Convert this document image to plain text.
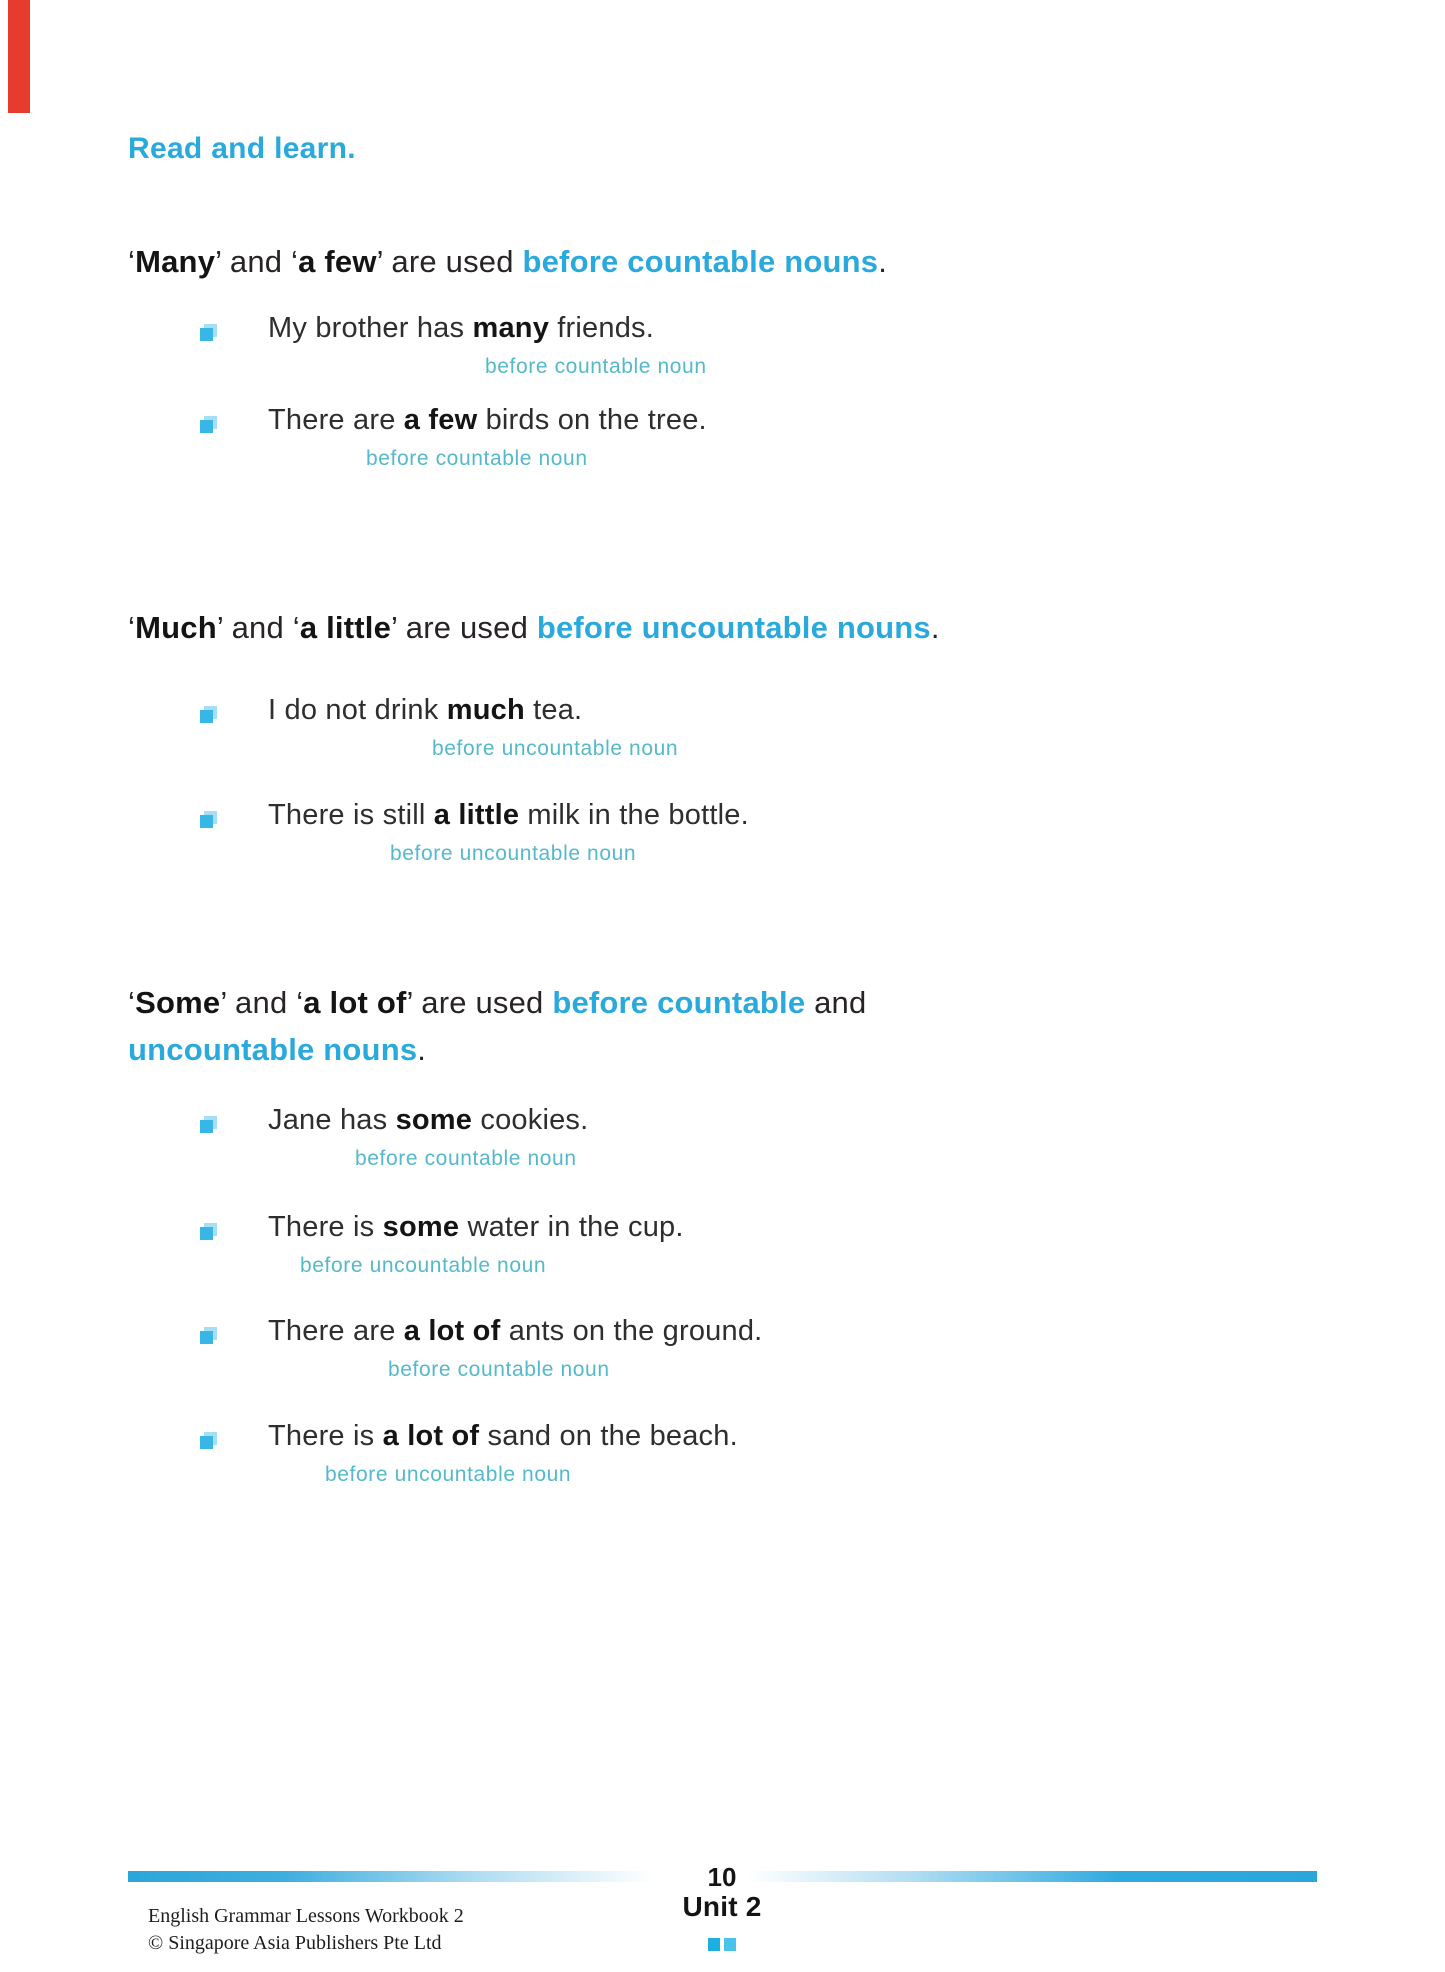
Read and learn.
‘Many’ and ‘a few’ are used before countable nouns.
My brother has many friends.
before countable noun
There are a few birds on the tree.
before countable noun
‘Much’ and ‘a little’ are used before uncountable nouns.
I do not drink much tea.
before uncountable noun
There is still a little milk in the bottle.
before uncountable noun
‘Some’ and ‘a lot of’ are used before countable and
uncountable nouns.
Jane has some cookies.
before countable noun
There is some water in the cup.
before uncountable noun
There are a lot of ants on the ground.
before countable noun
There is a lot of sand on the beach.
before uncountable noun
English Grammar Lessons Workbook 2
© Singapore Asia Publishers Pte Ltd
10
Unit 2
